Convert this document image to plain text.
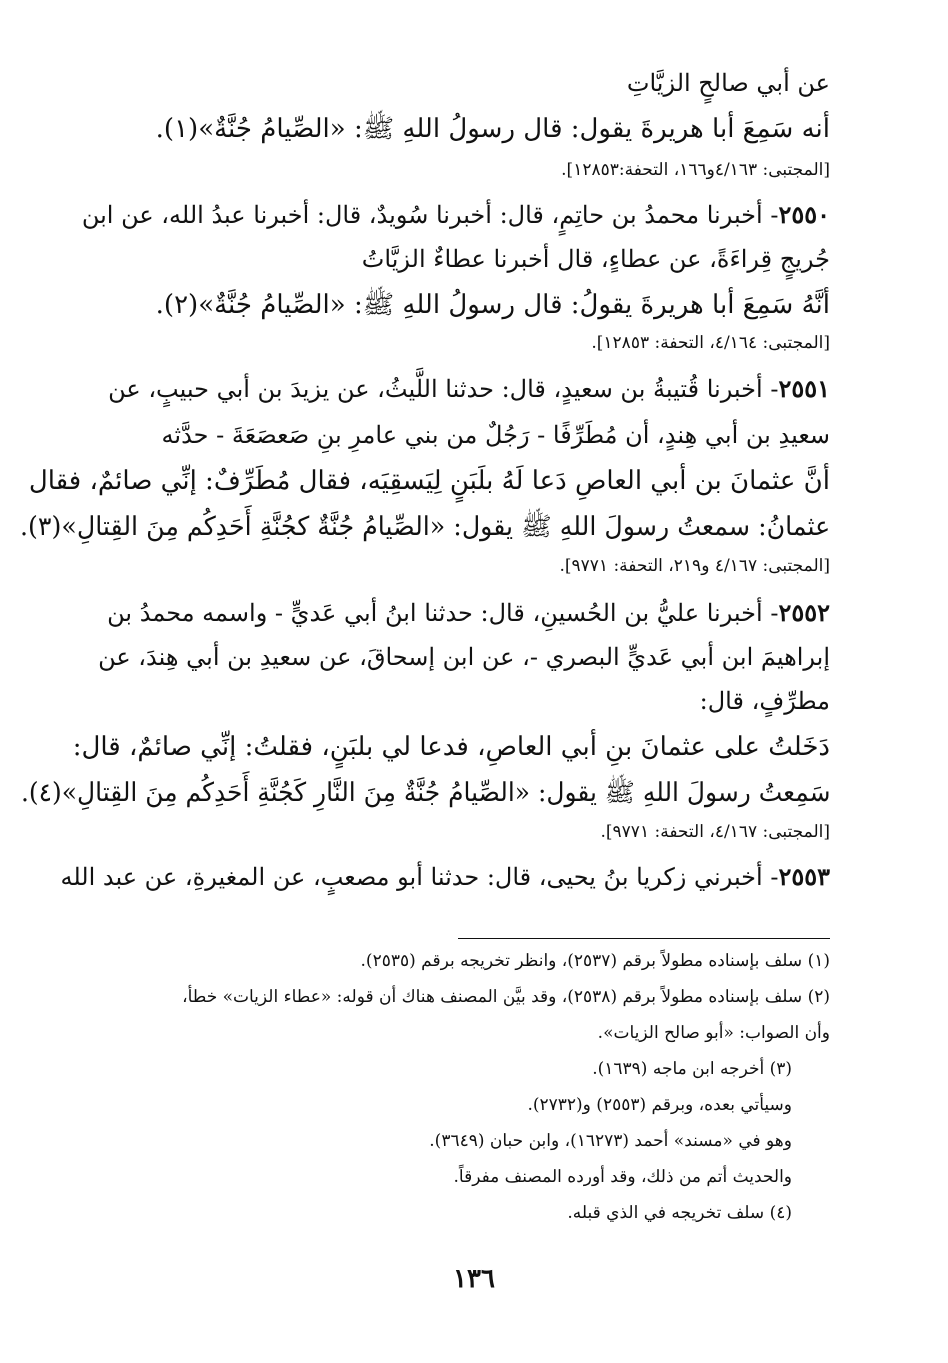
عن أبي صالحٍ الزيَّاتِ
أنه سَمِعَ أبا هريرةَ يقول: قال رسولُ اللهِ ﷺ: «الصِّيامُ جُنَّةٌ»(١).
[المجتبى: ٤/١٦٣و١٦٦، التحفة:١٢٨٥٣].
٢٥٥٠- أخبرنا محمدُ بن حاتِمٍ، قال: أخبرنا سُويدٌ، قال: أخبرنا عبدُ الله، عن ابن
جُريجٍ قِراءَةً، عن عطاءٍ، قال أخبرنا عطاءٌ الزيَّاتُ
أنَّهُ سَمِعَ أبا هريرةَ يقولُ: قال رسولُ اللهِ ﷺ: «الصِّيامُ جُنَّةٌ»(٢).
[المجتبى: ٤/١٦٤، التحفة: ١٢٨٥٣].
٢٥٥١- أخبرنا قُتيبةُ بن سعيدٍ، قال: حدثنا اللَّيثُ، عن يزيدَ بن أبي حبيبٍ، عن
سعيدِ بن أبي هِندٍ، أن مُطَرِّفًا - رَجُلٌ من بني عامرِ بنِ صَعصَعَةَ - حدَّثه
أنَّ عثمانَ بن أبي العاصِ دَعا لَهُ بلَبَنٍ لِيَسقِيَه، فقال مُطَرِّفٌ: إنِّي صائمٌ، فقال
عثمانُ: سمعتُ رسولَ اللهِ ﷺ يقول: «الصِّيامُ جُنَّةٌ كجُنَّةِ أَحَدِكُم مِنَ القِتالِ»(٣).
[المجتبى: ٤/١٦٧ و٢١٩، التحفة: ٩٧٧١].
٢٥٥٢- أخبرنا عليُّ بن الحُسينِ، قال: حدثنا ابنُ أبي عَديٍّ - واسمه محمدُ بن
إبراهيمَ ابن أبي عَديٍّ البصري -، عن ابن إسحاقَ، عن سعيدِ بن أبي هِندَ، عن
مطرِّفٍ، قال:
دَخَلتُ على عثمانَ بنِ أبي العاصِ، فدعا لي بلبَنٍ، فقلتُ: إنِّي صائمٌ، قال:
سَمِعتُ رسولَ اللهِ ﷺ يقول: «الصِّيامُ جُنَّةٌ مِنَ النَّارِ كَجُنَّةِ أَحَدِكُم مِنَ القِتالِ»(٤).
[المجتبى: ٤/١٦٧، التحفة: ٩٧٧١].
٢٥٥٣- أخبرني زكريا بنُ يحيى، قال: حدثنا أبو مصعبٍ، عن المغيرةِ، عن عبد الله
(١) سلف بإسناده مطولاً برقم (٢٥٣٧)، وانظر تخريجه برقم (٢٥٣٥).
(٢) سلف بإسناده مطولاً برقم (٢٥٣٨)، وقد بيَّن المصنف هناك أن قوله: «عطاء الزيات» خطأ،
وأن الصواب: «أبو صالح الزيات».
(٣) أخرجه ابن ماجه (١٦٣٩).
وسيأتي بعده، وبرقم (٢٥٥٣) و(٢٧٣٢).
وهو في «مسند» أحمد (١٦٢٧٣)، وابن حبان (٣٦٤٩).
والحديث أتم من ذلك، وقد أورده المصنف مفرقاً.
(٤) سلف تخريجه في الذي قبله.
١٣٦
